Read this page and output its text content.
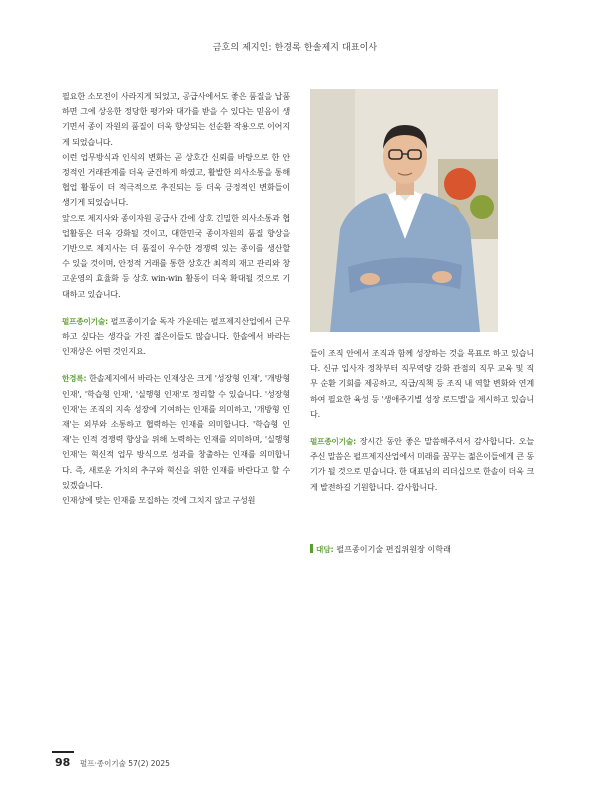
금호의 제지인: 한경록 한솔제지 대표이사

필요한 소모전이 사라지게 되었고, 공급사에서도 좋은 품질을 납품하면 그에 상응한 정당한 평가와 대가를 받을 수 있다는 믿음이 생기면서 종이 자원의 품질이 더욱 향상되는 선순환 작용으로 이어지게 되었습니다.

이런 업무방식과 인식의 변화는 곧 상호간 신뢰를 바탕으로 한 안정적인 거래관계를 더욱 굳건하게 하였고, 활발한 의사소통을 통해 협업 활동이 더 적극적으로 추진되는 등 더욱 긍정적인 변화들이 생기게 되었습니다.

앞으로 제지사와 종이자원 공급사 간에 상호 긴밀한 의사소통과 협업활동은 더욱 강화될 것이고, 대한민국 종이자원의 품질 향상을 기반으로 제지사는 더 품질이 우수한 경쟁력 있는 종이를 생산할 수 있을 것이며, 안정적 거래를 통한 상호간 최적의 재고 관리와 창고운영의 효율화 등 상호 win-win 활동이 더욱 확대될 것으로 기대하고 있습니다.

펄프종이기술: 펄프종이기술 독자 가운데는 펄프제지산업에서 근무하고 싶다는 생각을 가진 젊은이들도 많습니다. 한솔에서 바라는 인재상은 어떤 것인지요.

한경록: 한솔제지에서 바라는 인재상은 크게 '성장형 인재', '개방형 인재', '학습형 인재', '실행형 인재'로 정리할 수 있습니다. '성장형 인재'는 조직의 지속 성장에 기여하는 인재를 의미하고, '개방형 인재'는 외부와 소통하고 협력하는 인재를 의미합니다. '학습형 인재'는 인적 경쟁력 향상을 위해 노력하는 인재를 의미하며, '실행형 인재'는 혁신적 업무 방식으로 성과를 창출하는 인재를 의미합니다. 즉, 새로운 가치의 추구와 혁신을 위한 인재를 바란다고 할 수 있겠습니다.

인재상에 맞는 인재를 모집하는 것에 그치지 않고 구성원

들이 조직 안에서 조직과 함께 성장하는 것을 목표로 하고 있습니다. 신규 입사자 정착부터 직무역량 강화 관점의 직무 교육 및 직무 순환 기회를 제공하고, 직급/직책 등 조직 내 역할 변화와 연계하여 필요한 육성 등 '생애주기별 성장 로드맵'을 제시하고 있습니다.

펄프종이기술: 장시간 동안 좋은 말씀해주셔서 감사합니다. 오늘 주신 말씀은 펄프제지산업에서 미래를 꿈꾸는 젊은이들에게 큰 동기가 될 것으로 믿습니다. 한 대표님의 리더십으로 한솔이 더욱 크게 발전하길 기원합니다. 감사합니다.

대담: 펄프종이기술 편집위원장 이학래
98 펄프·종이기술 57(2) 2025
